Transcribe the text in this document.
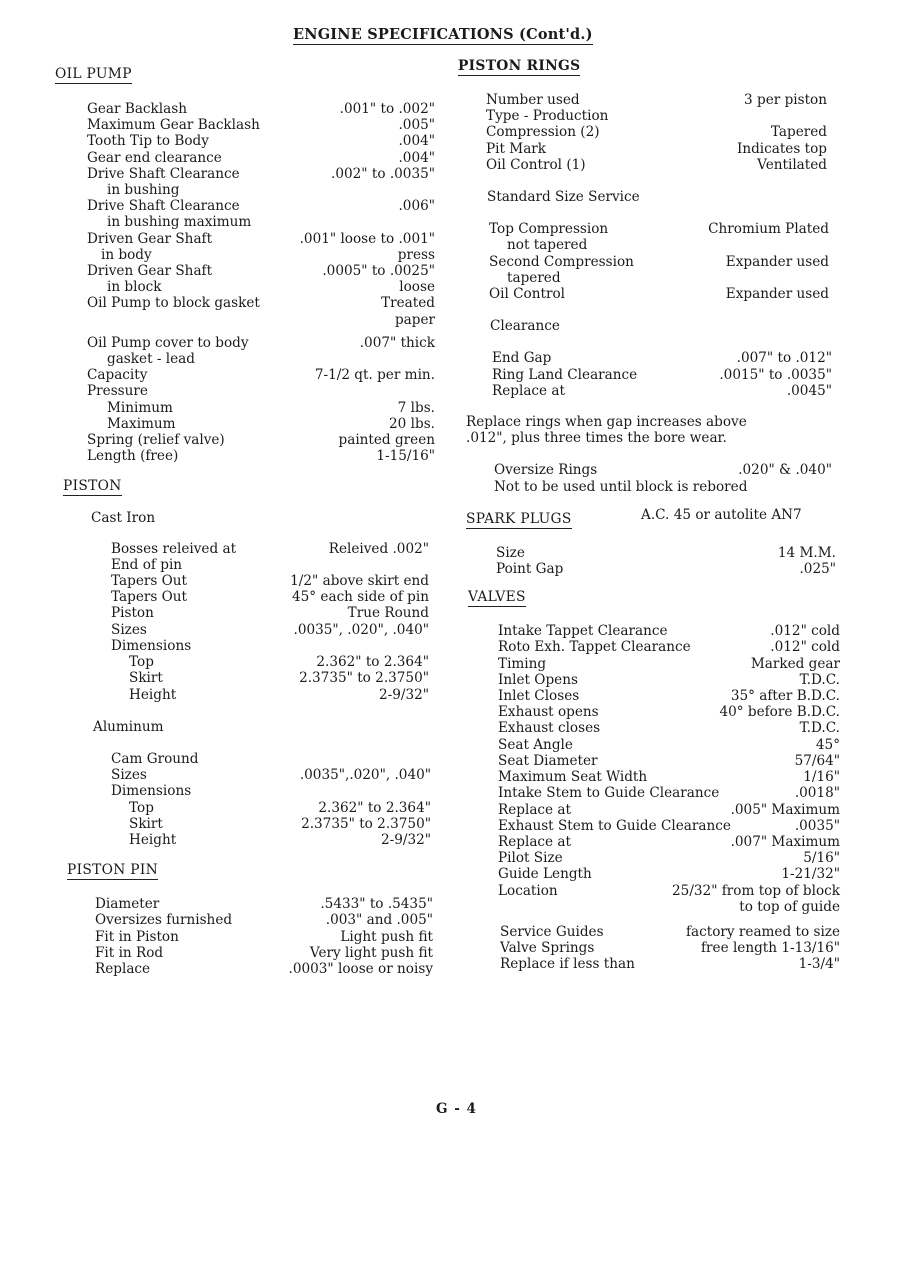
ENGINE SPECIFICATIONS (Cont'd.)
OIL PUMP
Gear Backlash	.001" to .002"
Maximum Gear Backlash	.005"
Tooth Tip to Body	.004"
Gear end clearance	.004"
Drive Shaft Clearance	.002" to .0035"
in bushing
Drive Shaft Clearance	.006"
in bushing maximum
Driven Gear Shaft	.001" loose to .001"
in body	press
Driven Gear Shaft	.0005" to .0025"
in block	loose
Oil Pump to block gasket	Treated
paper
Oil Pump cover to body	.007" thick
gasket - lead
Capacity	7-1/2 qt. per min.
Pressure
Minimum	7 lbs.
Maximum	20 lbs.
Spring (relief valve)	painted green
Length (free)	1-15/16"
PISTON
Cast Iron
Bosses releived at	Releived .002"
End of pin
Tapers Out	1/2" above skirt end
Tapers Out	45° each side of pin
Piston	True Round
Sizes	.0035", .020", .040"
Dimensions
Top	2.362" to 2.364"
Skirt	2.3735" to 2.3750"
Height	2-9/32"
Aluminum
Cam Ground
Sizes	.0035",.020", .040"
Dimensions
Top	2.362" to 2.364"
Skirt	2.3735" to 2.3750"
Height	2-9/32"
PISTON PIN
Diameter	.5433" to .5435"
Oversizes furnished	.003" and .005"
Fit in Piston	Light push fit
Fit in Rod	Very light push fit
Replace	.0003" loose or noisy
PISTON RINGS
Number used	3 per piston
Type - Production
Compression (2)	Tapered
Pit Mark	Indicates top
Oil Control (1)	Ventilated
Standard Size Service
Top Compression	Chromium Plated
not tapered
Second Compression	Expander used
tapered
Oil Control	Expander used
Clearance
End Gap	.007" to .012"
Ring Land Clearance	.0015" to .0035"
Replace at	.0045"
Replace rings when gap increases above
.012", plus three times the bore wear.
Oversize Rings	.020" & .040"
Not to be used until block is rebored
SPARK PLUGS	A.C. 45 or autolite AN7
Size	14 M.M.
Point Gap	.025"
VALVES
Intake Tappet Clearance	.012" cold
Roto Exh. Tappet Clearance	.012" cold
Timing	Marked gear
Inlet Opens	T.D.C.
Inlet Closes	35° after B.D.C.
Exhaust opens	40° before B.D.C.
Exhaust closes	T.D.C.
Seat Angle	45°
Seat Diameter	57/64"
Maximum Seat Width	1/16"
Intake Stem to Guide Clearance	.0018"
Replace at	.005" Maximum
Exhaust Stem to Guide Clearance	.0035"
Replace at	.007" Maximum
Pilot Size	5/16"
Guide Length	1-21/32"
Location	25/32" from top of block
to top of guide
Service Guides	factory reamed to size
Valve Springs	free length 1-13/16"
Replace if less than	1-3/4"
G - 4
